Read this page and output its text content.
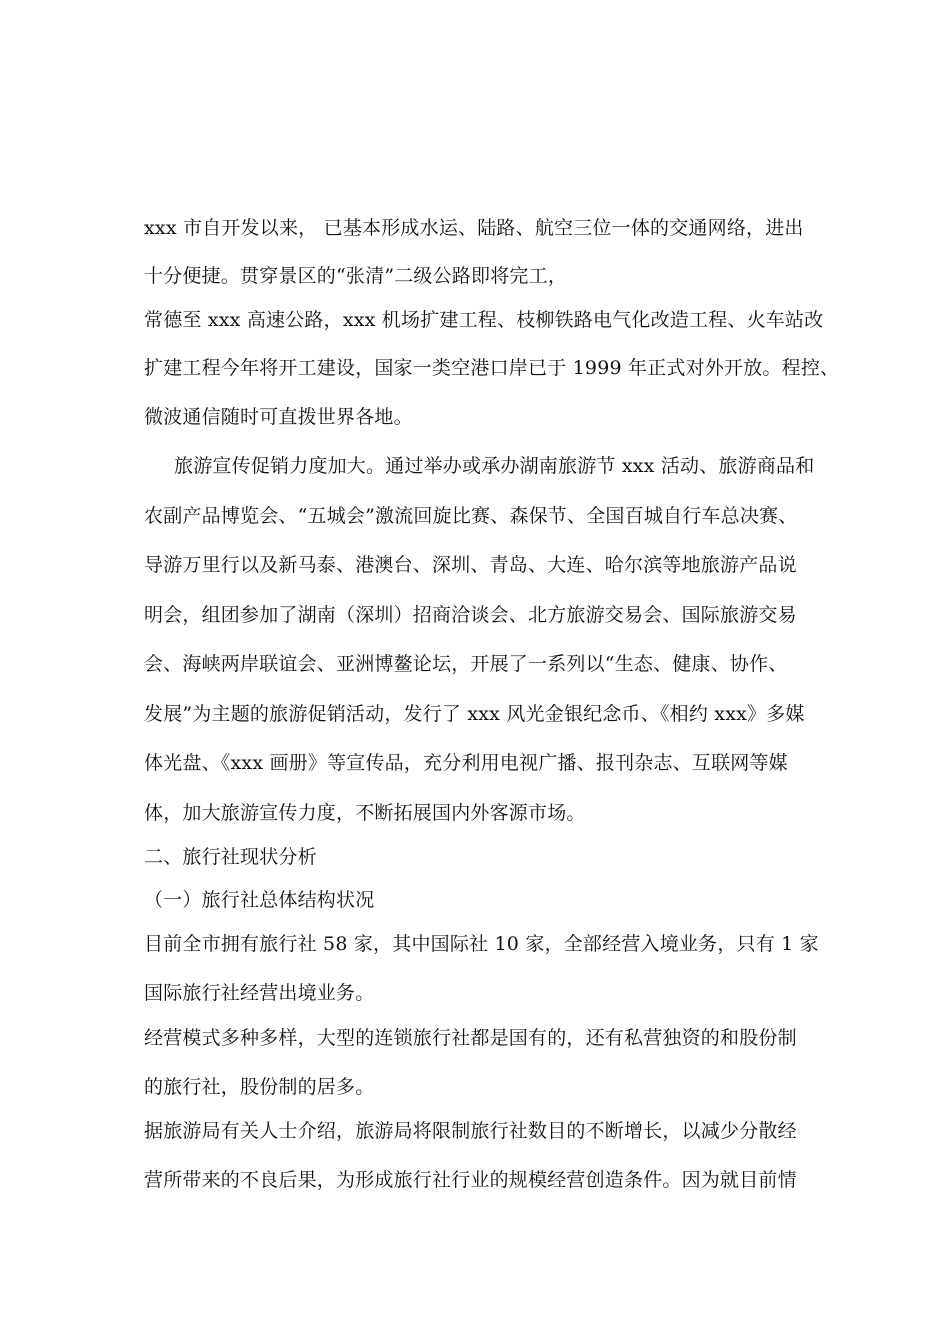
xxx 市自开发以来， 已基本形成水运、陆路、航空三位一体的交通网络，进出
十分便捷。贯穿景区的“张清”二级公路即将完工，
常德至 xxx 高速公路，xxx 机场扩建工程、枝柳铁路电气化改造工程、火车站改
扩建工程今年将开工建设，国家一类空港口岸已于 1999 年正式对外开放。程控、
微波通信随时可直拨世界各地。
旅游宣传促销力度加大。通过举办或承办湖南旅游节 xxx 活动、旅游商品和
农副产品博览会、“五城会”激流回旋比赛、森保节、全国百城自行车总决赛、
导游万里行以及新马泰、港澳台、深圳、青岛、大连、哈尔滨等地旅游产品说
明会，组团参加了湖南（深圳）招商洽谈会、北方旅游交易会、国际旅游交易
会、海峡两岸联谊会、亚洲博鳌论坛，开展了一系列以“生态、健康、协作、
发展”为主题的旅游促销活动，发行了 xxx 风光金银纪念币、《相约 xxx》多媒
体光盘、《xxx 画册》等宣传品，充分利用电视广播、报刊杂志、互联网等媒
体，加大旅游宣传力度，不断拓展国内外客源市场。
二、旅行社现状分析
（一）旅行社总体结构状况
目前全市拥有旅行社 58 家，其中国际社 10 家，全部经营入境业务，只有 1 家
国际旅行社经营出境业务。
经营模式多种多样，大型的连锁旅行社都是国有的，还有私营独资的和股份制
的旅行社，股份制的居多。
据旅游局有关人士介绍，旅游局将限制旅行社数目的不断增长，以减少分散经
营所带来的不良后果，为形成旅行社行业的规模经营创造条件。因为就目前情
